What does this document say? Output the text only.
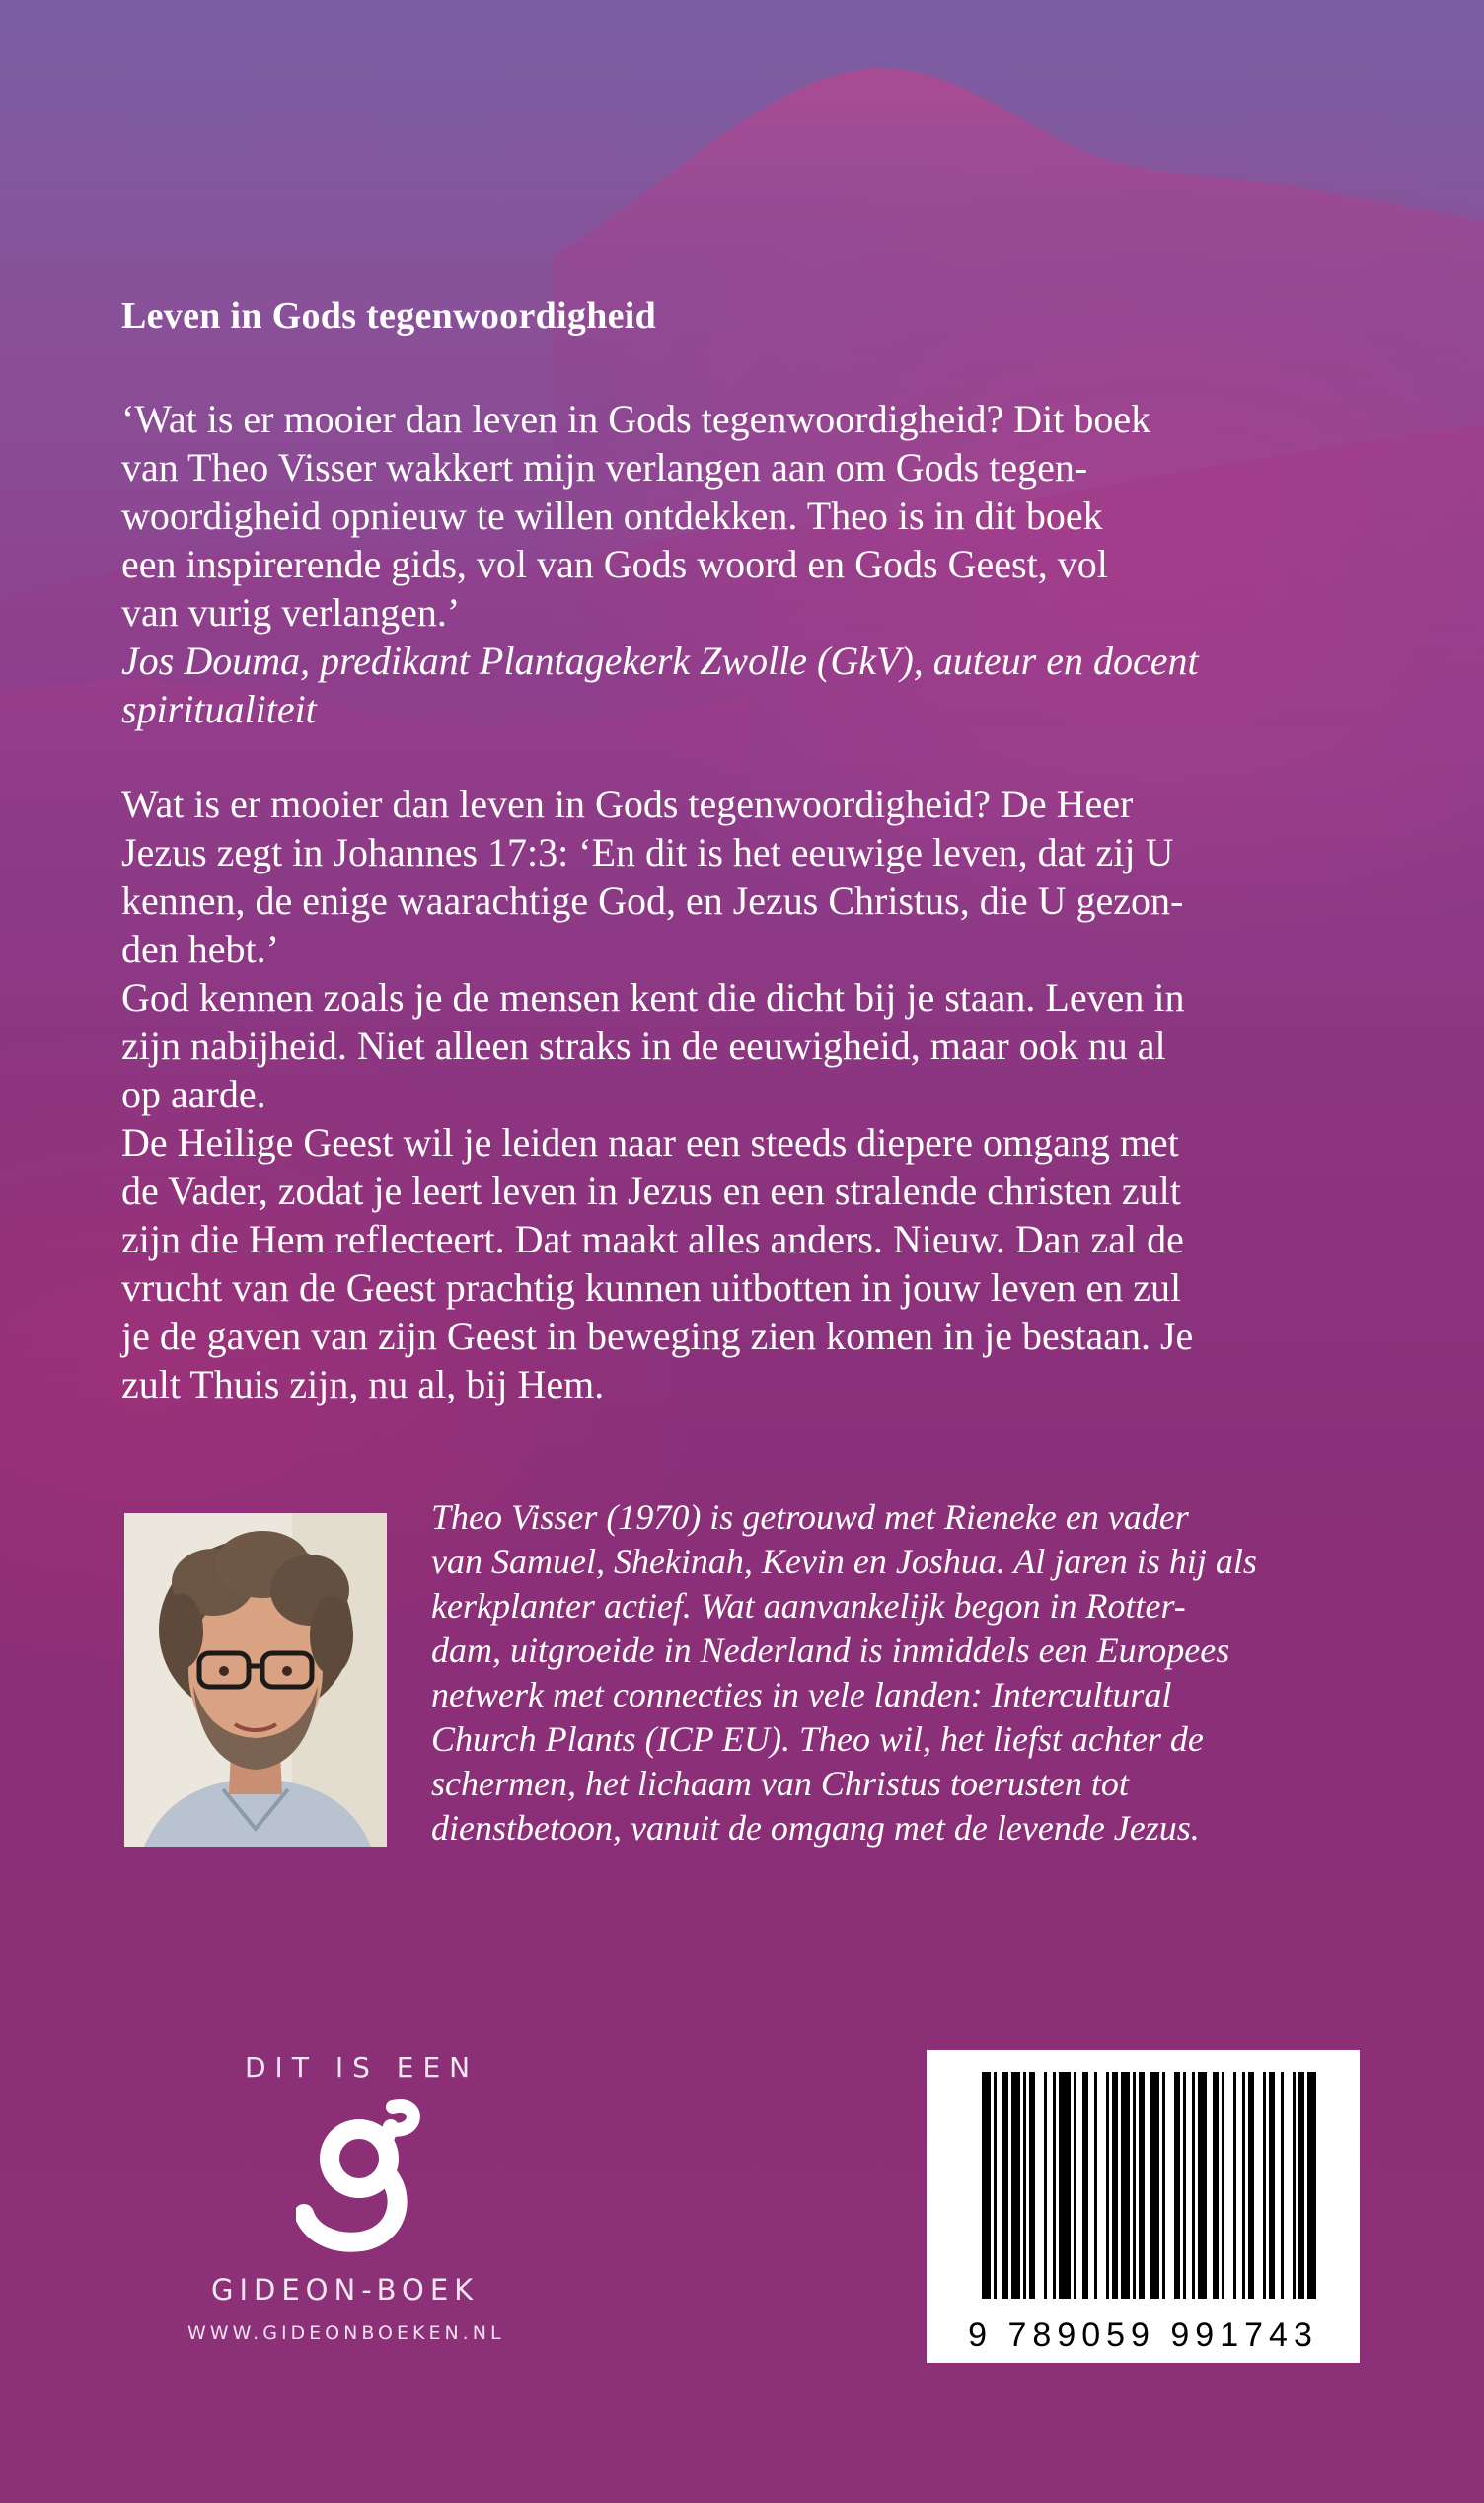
Leven in Gods tegenwoordigheid
‘Wat is er mooier dan leven in Gods tegenwoordigheid? Dit boek
van Theo Visser wakkert mijn verlangen aan om Gods tegen-
woordigheid opnieuw te willen ontdekken. Theo is in dit boek
een inspirerende gids, vol van Gods woord en Gods Geest, vol
van vurig verlangen.’
Jos Douma, predikant Plantagekerk Zwolle (GkV), auteur en docent
spiritualiteit
Wat is er mooier dan leven in Gods tegenwoordigheid? De Heer
Jezus zegt in Johannes 17:3: ‘En dit is het eeuwige leven, dat zij U
kennen, de enige waarachtige God, en Jezus Christus, die U gezon-
den hebt.’
God kennen zoals je de mensen kent die dicht bij je staan. Leven in
zijn nabijheid. Niet alleen straks in de eeuwigheid, maar ook nu al
op aarde.
De Heilige Geest wil je leiden naar een steeds diepere omgang met
de Vader, zodat je leert leven in Jezus en een stralende christen zult
zijn die Hem reflecteert. Dat maakt alles anders. Nieuw. Dan zal de
vrucht van de Geest prachtig kunnen uitbotten in jouw leven en zul
je de gaven van zijn Geest in beweging zien komen in je bestaan. Je
zult Thuis zijn, nu al, bij Hem.
Theo Visser (1970) is getrouwd met Rieneke en vader
van Samuel, Shekinah, Kevin en Joshua. Al jaren is hij als
kerkplanter actief. Wat aanvankelijk begon in Rotter-
dam, uitgroeide in Nederland is inmiddels een Europees
netwerk met connecties in vele landen: Intercultural
Church Plants (ICP EU). Theo wil, het liefst achter de
schermen, het lichaam van Christus toerusten tot
dienstbetoon, vanuit de omgang met de levende Jezus.

DIT IS EEN

GIDEON-BOEK

WWW.GIDEONBOEKEN.NL	9 789059 991743
